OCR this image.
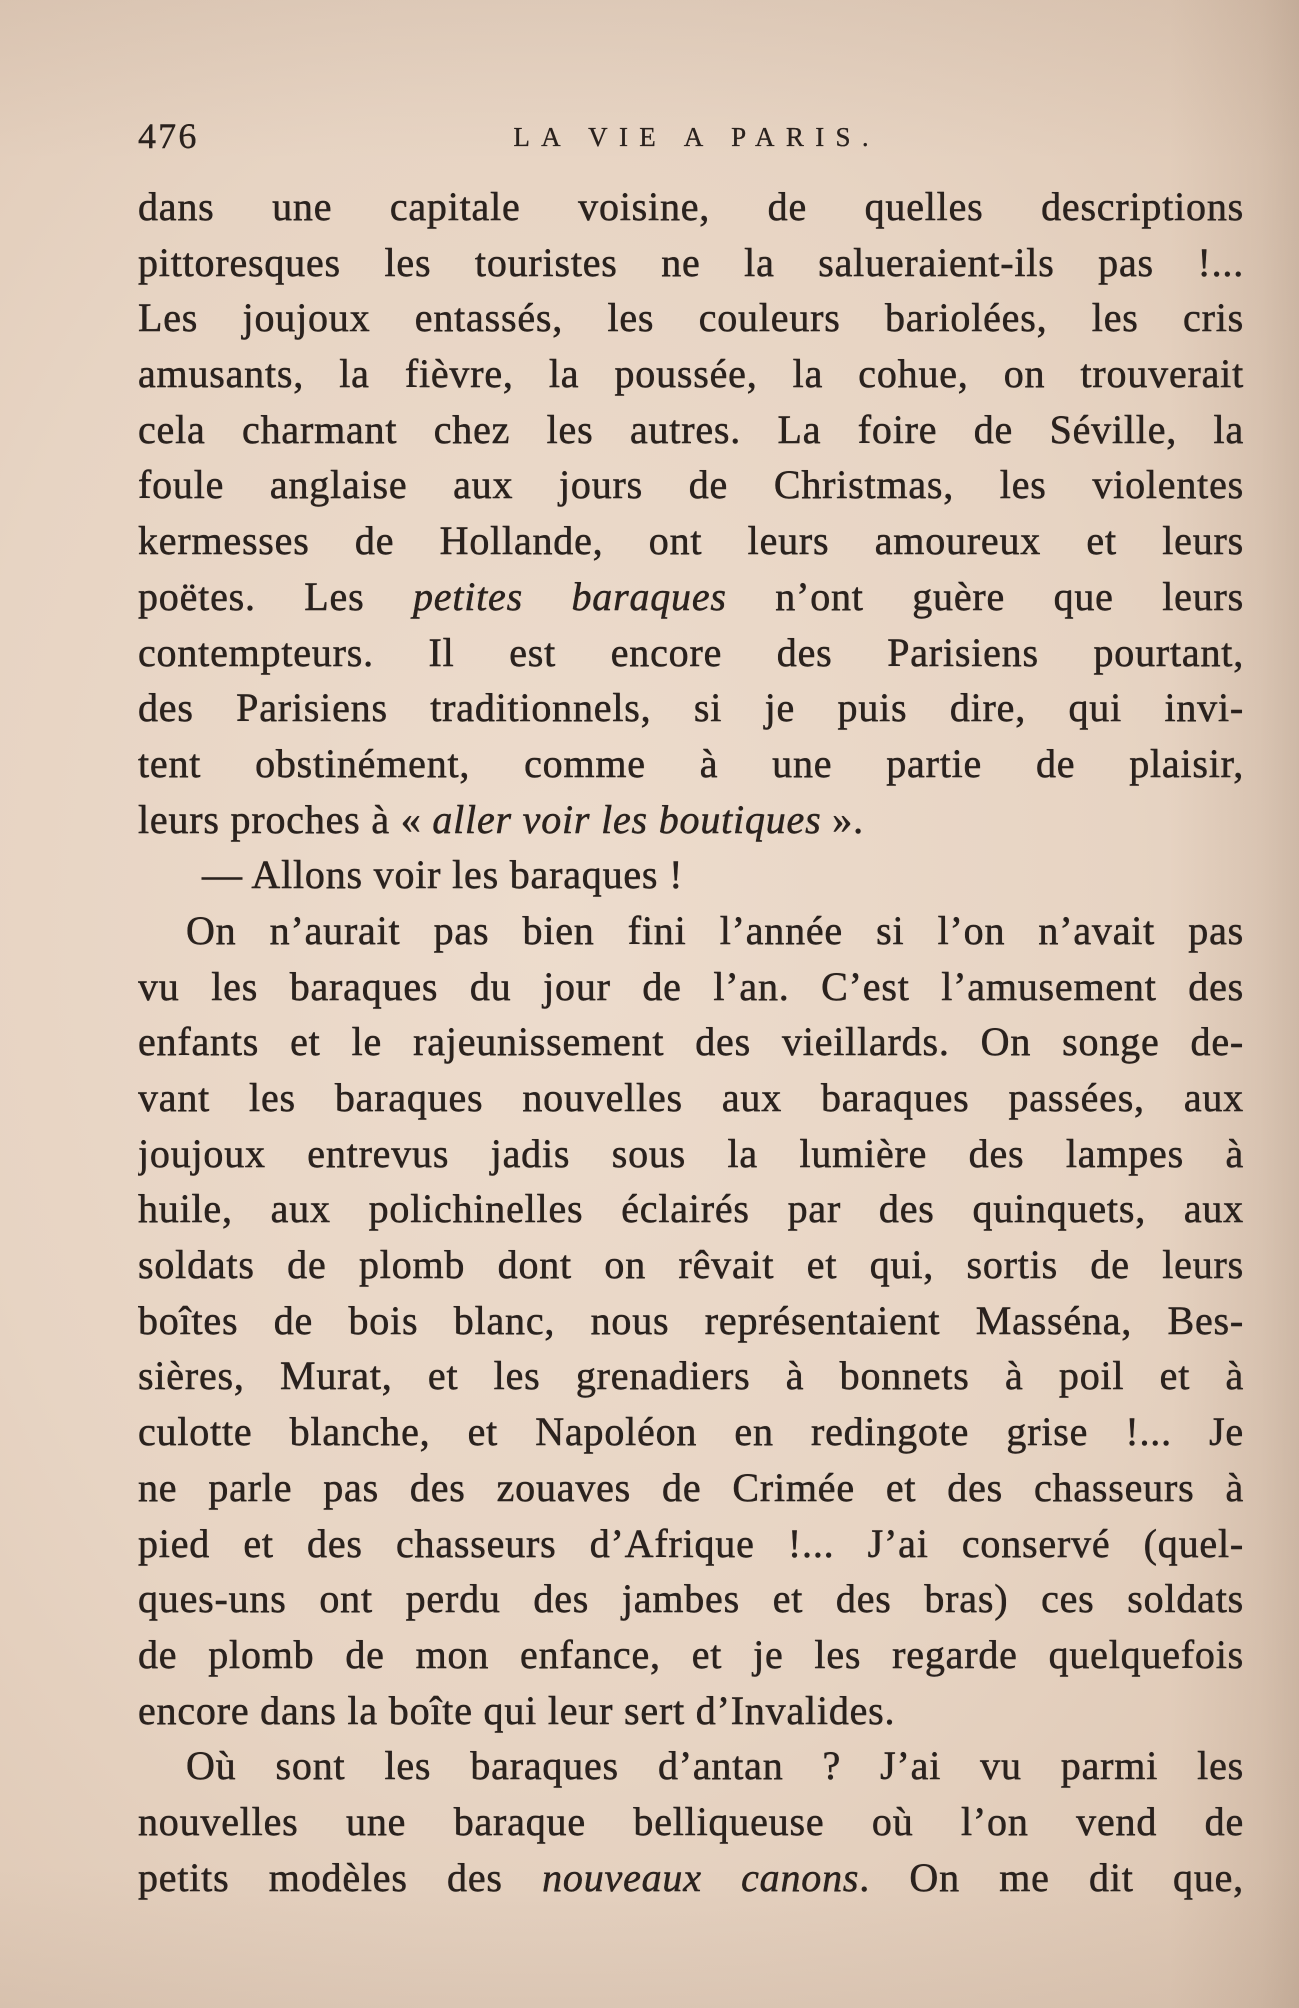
476	LA VIE A PARIS.
dans une capitale voisine, de quelles descriptions
pittoresques les touristes ne la salueraient-ils pas !...
Les joujoux entassés, les couleurs bariolées, les cris
amusants, la fièvre, la poussée, la cohue, on trouverait
cela charmant chez les autres. La foire de Séville, la
foule anglaise aux jours de Christmas, les violentes
kermesses de Hollande, ont leurs amoureux et leurs
poëtes. Les petites baraques n’ont guère que leurs
contempteurs. Il est encore des Parisiens pourtant,
des Parisiens traditionnels, si je puis dire, qui invi-
tent obstinément, comme à une partie de plaisir,
leurs proches à « aller voir les boutiques ».
— Allons voir les baraques !
On n’aurait pas bien fini l’année si l’on n’avait pas
vu les baraques du jour de l’an. C’est l’amusement des
enfants et le rajeunissement des vieillards. On songe de-
vant les baraques nouvelles aux baraques passées, aux
joujoux entrevus jadis sous la lumière des lampes à
huile, aux polichinelles éclairés par des quinquets, aux
soldats de plomb dont on rêvait et qui, sortis de leurs
boîtes de bois blanc, nous représentaient Masséna, Bes-
sières, Murat, et les grenadiers à bonnets à poil et à
culotte blanche, et Napoléon en redingote grise !... Je
ne parle pas des zouaves de Crimée et des chasseurs à
pied et des chasseurs d’Afrique !... J’ai conservé (quel-
ques-uns ont perdu des jambes et des bras) ces soldats
de plomb de mon enfance, et je les regarde quelquefois
encore dans la boîte qui leur sert d’Invalides.
Où sont les baraques d’antan ? J’ai vu parmi les
nouvelles une baraque belliqueuse où l’on vend de
petits modèles des nouveaux canons. On me dit que,
